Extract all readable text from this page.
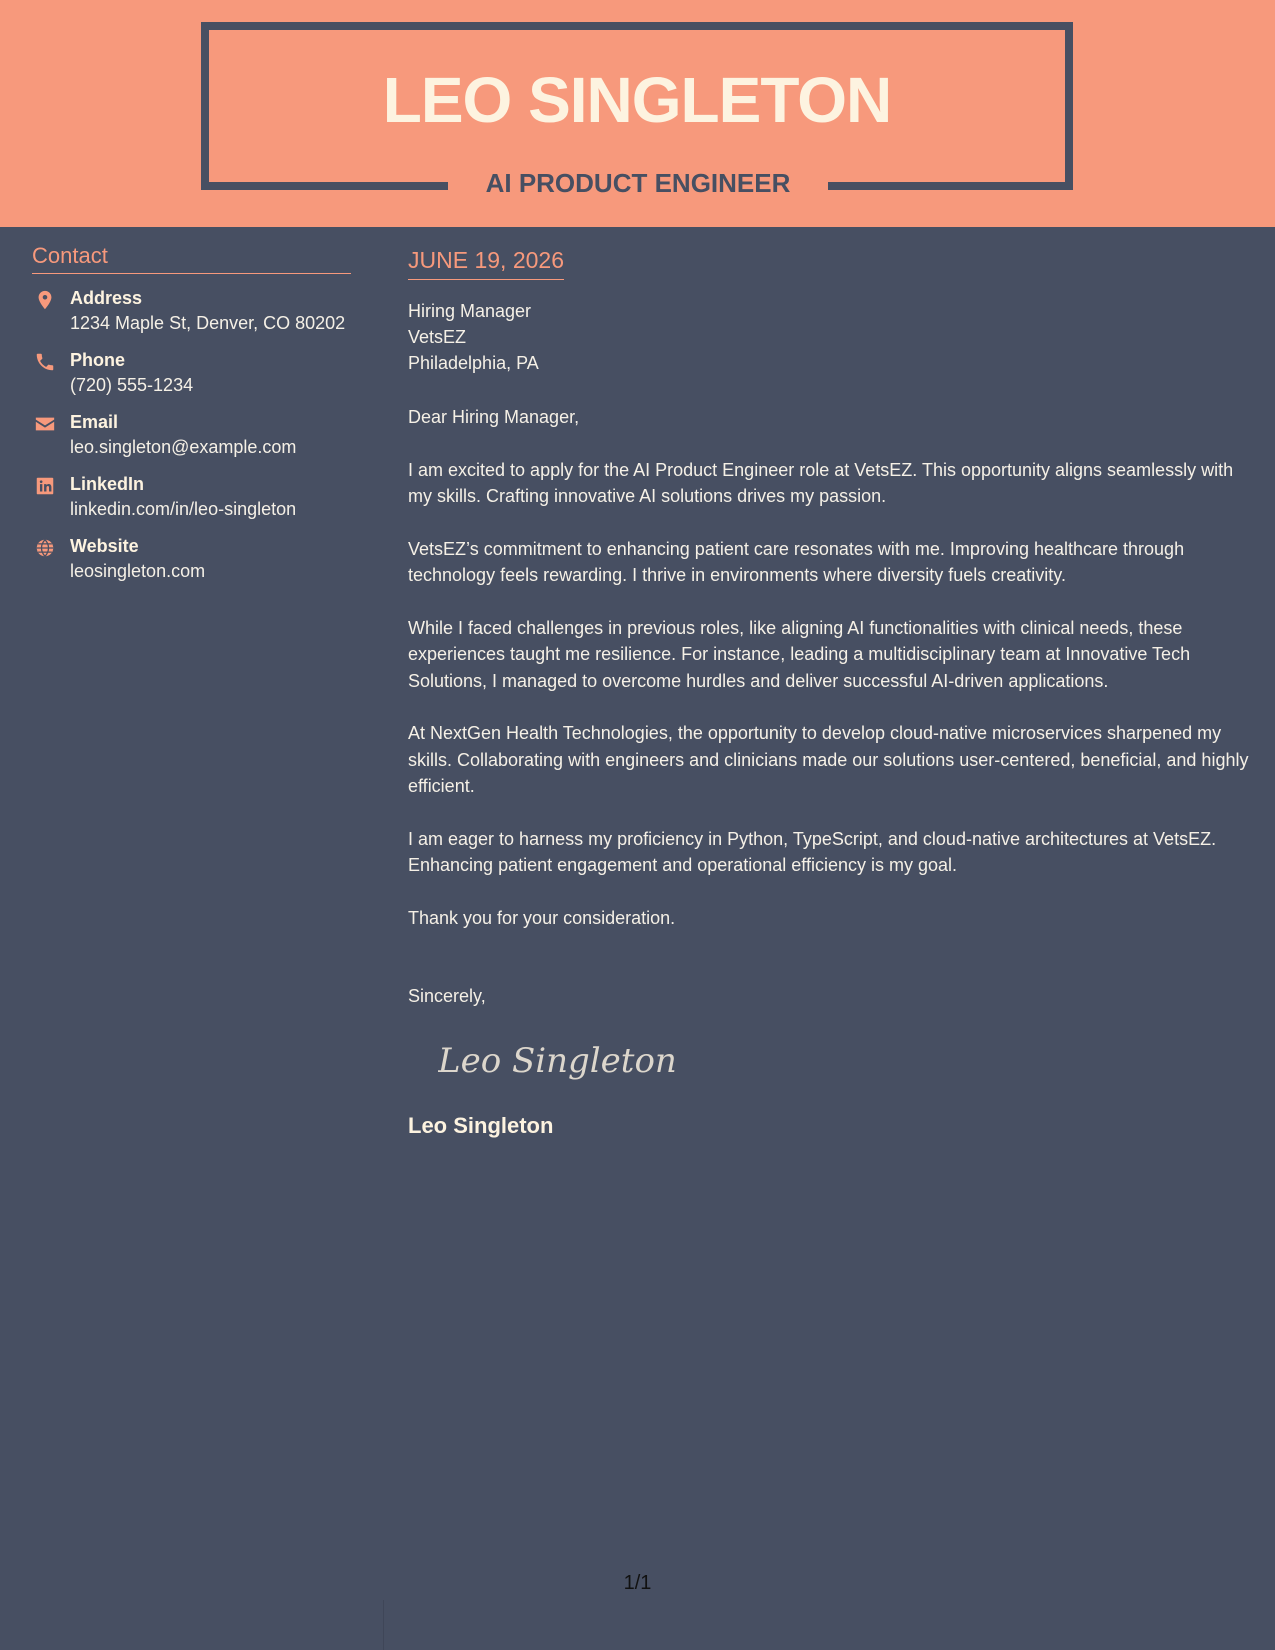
LEO SINGLETON
AI PRODUCT ENGINEER
Contact
Address
1234 Maple St, Denver, CO 80202
Phone
(720) 555-1234
Email
leo.singleton@example.com
LinkedIn
linkedin.com/in/leo-singleton
Website
leosingleton.com
JUNE 19, 2026
Hiring Manager
VetsEZ
Philadelphia, PA

Dear Hiring Manager,

I am excited to apply for the AI Product Engineer role at VetsEZ. This opportunity aligns seamlessly with my skills. Crafting innovative AI solutions drives my passion.

VetsEZ’s commitment to enhancing patient care resonates with me. Improving healthcare through technology feels rewarding. I thrive in environments where diversity fuels creativity.

While I faced challenges in previous roles, like aligning AI functionalities with clinical needs, these experiences taught me resilience. For instance, leading a multidisciplinary team at Innovative Tech Solutions, I managed to overcome hurdles and deliver successful AI-driven applications.

At NextGen Health Technologies, the opportunity to develop cloud-native microservices sharpened my skills. Collaborating with engineers and clinicians made our solutions user-centered, beneficial, and highly efficient.

I am eager to harness my proficiency in Python, TypeScript, and cloud-native architectures at VetsEZ. Enhancing patient engagement and operational efficiency is my goal.

Thank you for your consideration.

Sincerely,

Leo Singleton
Leo Singleton
1/1
